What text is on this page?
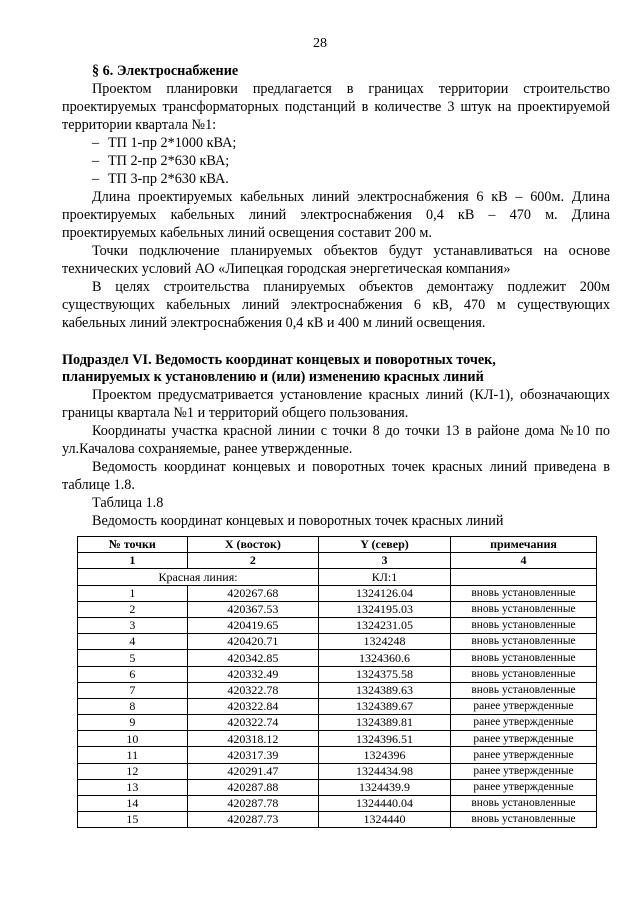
28

§ 6. Электроснабжение

Проектом планировки предлагается в границах территории строительство проектируемых трансформаторных подстанций в количестве 3 штук на проектируемой территории квартала №1:

– ТП 1-пр 2*1000 кВА;

– ТП 2-пр 2*630 кВА;

– ТП 3-пр 2*630 кВА.

Длина проектируемых кабельных линий электроснабжения 6 кВ – 600м. Длина проектируемых кабельных линий электроснабжения 0,4 кВ – 470 м. Длина проектируемых кабельных линий освещения составит 200 м.

Точки подключение планируемых объектов будут устанавливаться на основе технических условий АО «Липецкая городская энергетическая компания»

В целях строительства планируемых объектов демонтажу подлежит 200м существующих кабельных линий электроснабжения 6 кВ, 470 м существующих кабельных линий электроснабжения 0,4 кВ и 400 м линий освещения.

Подраздел VI. Ведомость координат концевых и поворотных точек,
планируемых к установлению и (или) изменению красных линий

Проектом предусматривается установление красных линий (КЛ-1), обозначающих границы квартала №1 и территорий общего пользования.

Координаты участка красной линии с точки 8 до точки 13 в районе дома №10 по ул.Качалова сохраняемые, ранее утвержденные.

Ведомость координат концевых и поворотных точек красных линий приведена в таблице 1.8.

Таблица 1.8

Ведомость координат концевых и поворотных точек красных линий

№ точки	X (восток)	Y (север)	примечания
1	2	3	4
Красная линия:		КЛ:1	
1	420267.68	1324126.04	вновь установленные
2	420367.53	1324195.03	вновь установленные
3	420419.65	1324231.05	вновь установленные
4	420420.71	1324248	вновь установленные
5	420342.85	1324360.6	вновь установленные
6	420332.49	1324375.58	вновь установленные
7	420322.78	1324389.63	вновь установленные
8	420322.84	1324389.67	ранее утвержденные
9	420322.74	1324389.81	ранее утвержденные
10	420318.12	1324396.51	ранее утвержденные
11	420317.39	1324396	ранее утвержденные
12	420291.47	1324434.98	ранее утвержденные
13	420287.88	1324439.9	ранее утвержденные
14	420287.78	1324440.04	вновь установленные
15	420287.73	1324440	вновь установленные
